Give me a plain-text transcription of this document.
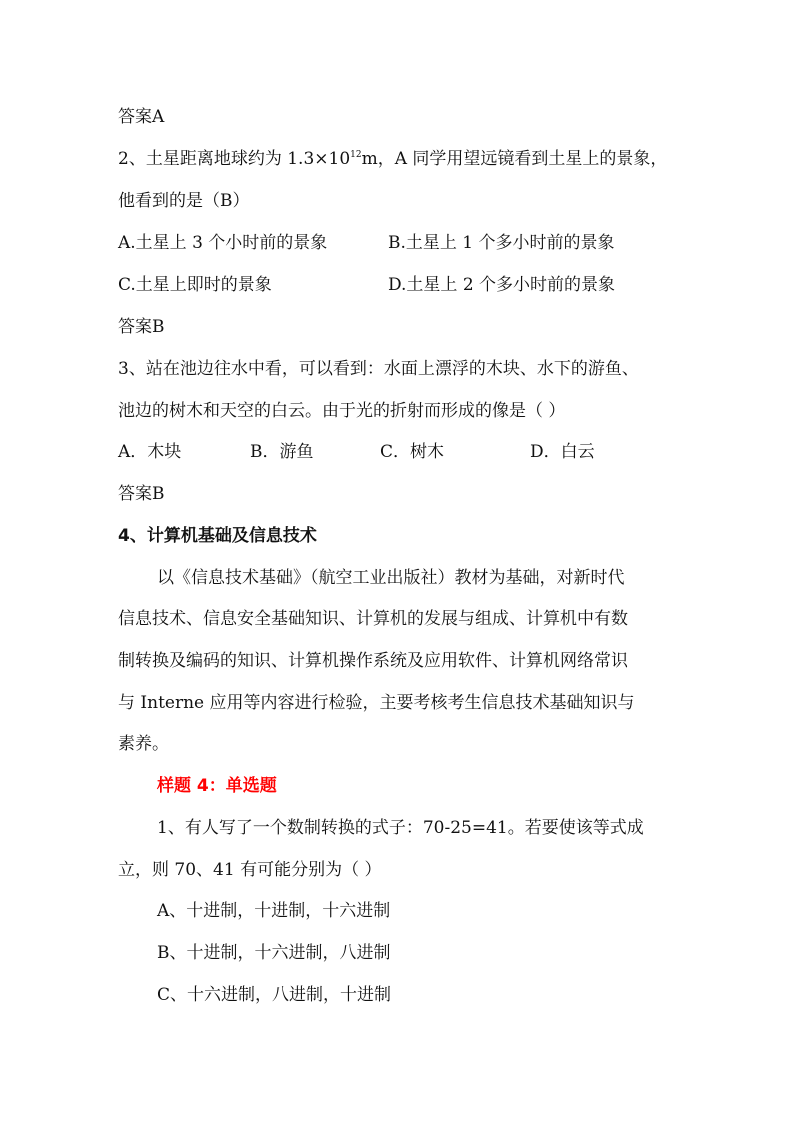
答案A
2、土星距离地球约为 $1.3\times 10^{12}m$，A 同学用望远镜看到土星上的景象，
他看到的是（B）
A.土星上 3 个小时前的景象	B.土星上 1 个多小时前的景象
C.土星上即时的景象	D.土星上 2 个多小时前的景象
答案B
3、站在池边往水中看，可以看到：水面上漂浮的木块、水下的游鱼、
池边的树木和天空的白云。由于光的折射而形成的像是（ ）
A．木块	B．游鱼	C．树木	D．白云
答案B
4、计算机基础及信息技术
以《信息技术基础》（航空工业出版社）教材为基础，对新时代
信息技术、信息安全基础知识、计算机的发展与组成、计算机中有数
制转换及编码的知识、计算机操作系统及应用软件、计算机网络常识
与 Interne 应用等内容进行检验，主要考核考生信息技术基础知识与
素养。
样题 4：单选题
1、有人写了一个数制转换的式子：70-25=41。若要使该等式成
立，则 70、41 有可能分别为（ ）
A、十进制，十进制，十六进制
B、十进制，十六进制，八进制
C、十六进制，八进制，十进制
